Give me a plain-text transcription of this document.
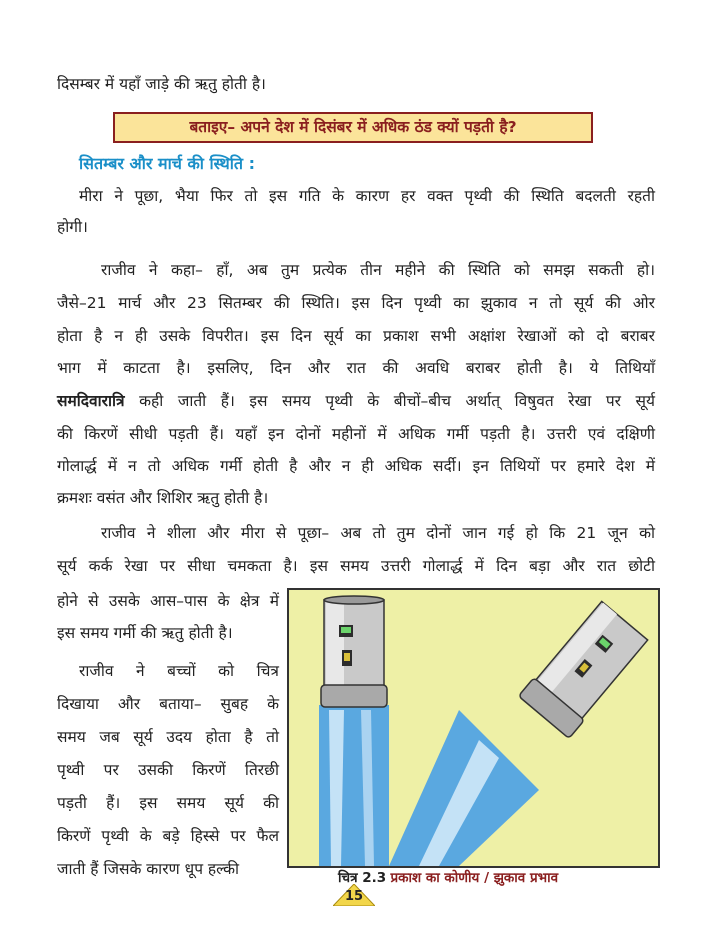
दिसम्बर में यहाँ जाड़े की ऋतु होती है।
बताइए– अपने देश में दिसंबर में अधिक ठंड क्यों पड़ती है?
सितम्बर और मार्च की स्थिति :
मीरा ने पूछा, भैया फिर तो इस गति के कारण हर वक्त पृथ्वी की स्थिति बदलती रहती
होगी।
राजीव ने कहा– हाँ, अब तुम प्रत्येक तीन महीने की स्थिति को समझ सकती हो।
जैसे–21 मार्च और 23 सितम्बर की स्थिति। इस दिन पृथ्वी का झुकाव न तो सूर्य की ओर
होता है न ही उसके विपरीत। इस दिन सूर्य का प्रकाश सभी अक्षांश रेखाओं को दो बराबर
भाग में काटता है। इसलिए, दिन और रात की अवधि बराबर होती है। ये तिथियाँ
समदिवारात्रि कही जाती हैं। इस समय पृथ्वी के बीचों–बीच अर्थात् विषुवत रेखा पर सूर्य
की किरणें सीधी पड़ती हैं। यहाँ इन दोनों महीनों में अधिक गर्मी पड़ती है। उत्तरी एवं दक्षिणी
गोलार्द्ध में न तो अधिक गर्मी होती है और न ही अधिक सर्दी। इन तिथियों पर हमारे देश में
क्रमशः वसंत और शिशिर ऋतु होती है।
राजीव ने शीला और मीरा से पूछा– अब तो तुम दोनों जान गई हो कि 21 जून को
सूर्य कर्क रेखा पर सीधा चमकता है। इस समय उत्तरी गोलार्द्ध में दिन बड़ा और रात छोटी
होने से उसके आस–पास के क्षेत्र में
इस समय गर्मी की ऋतु होती है।
राजीव ने बच्चों को चित्र
दिखाया और बताया– सुबह के
समय जब सूर्य उदय होता है तो
पृथ्वी पर उसकी किरणें तिरछी
पड़ती हैं। इस समय सूर्य की
किरणें पृथ्वी के बड़े हिस्से पर फैल
जाती हैं जिसके कारण धूप हल्की	चित्र 2.3 प्रकाश का कोणीय / झुकाव प्रभाव
15
